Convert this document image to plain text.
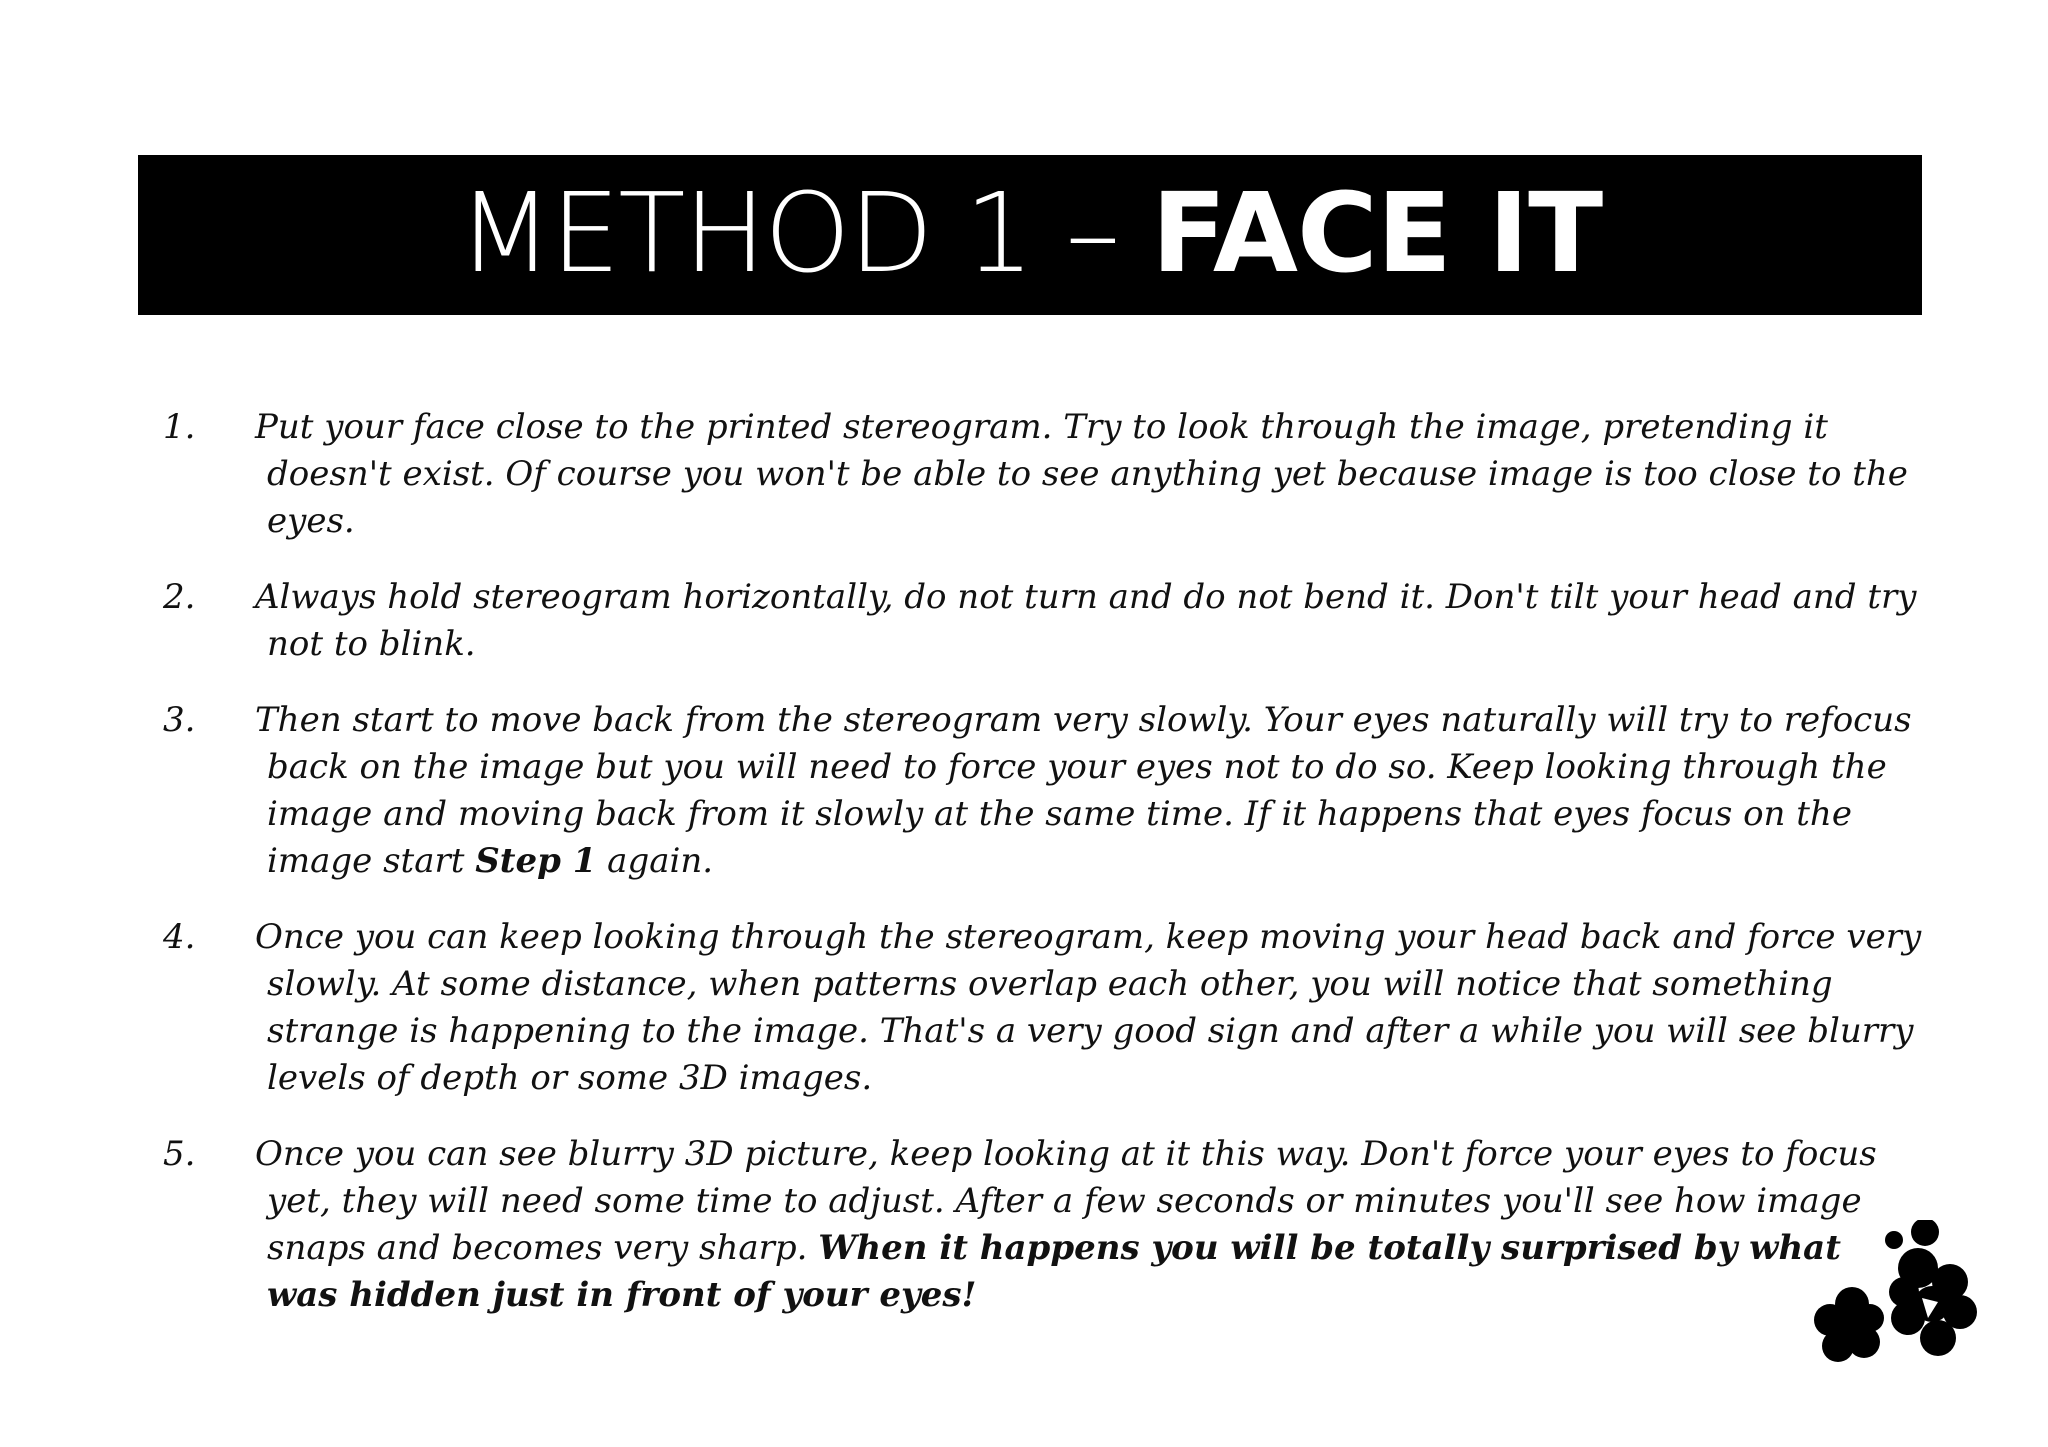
METHOD 1 – FACE IT
1. Put your face close to the printed stereogram. Try to look through the image, pretending it doesn't exist. Of course you won't be able to see anything yet because image is too close to the eyes.
2. Always hold stereogram horizontally, do not turn and do not bend it. Don't tilt your head and try not to blink.
3. Then start to move back from the stereogram very slowly. Your eyes naturally will try to refocus back on the image but you will need to force your eyes not to do so. Keep looking through the image and moving back from it slowly at the same time. If it happens that eyes focus on the image start Step 1 again.
4. Once you can keep looking through the stereogram, keep moving your head back and force very slowly. At some distance, when patterns overlap each other, you will notice that something strange is happening to the image. That's a very good sign and after a while you will see blurry levels of depth or some 3D images.
5. Once you can see blurry 3D picture, keep looking at it this way. Don't force your eyes to focus yet, they will need some time to adjust. After a few seconds or minutes you'll see how image snaps and becomes very sharp. When it happens you will be totally surprised by what was hidden just in front of your eyes!
